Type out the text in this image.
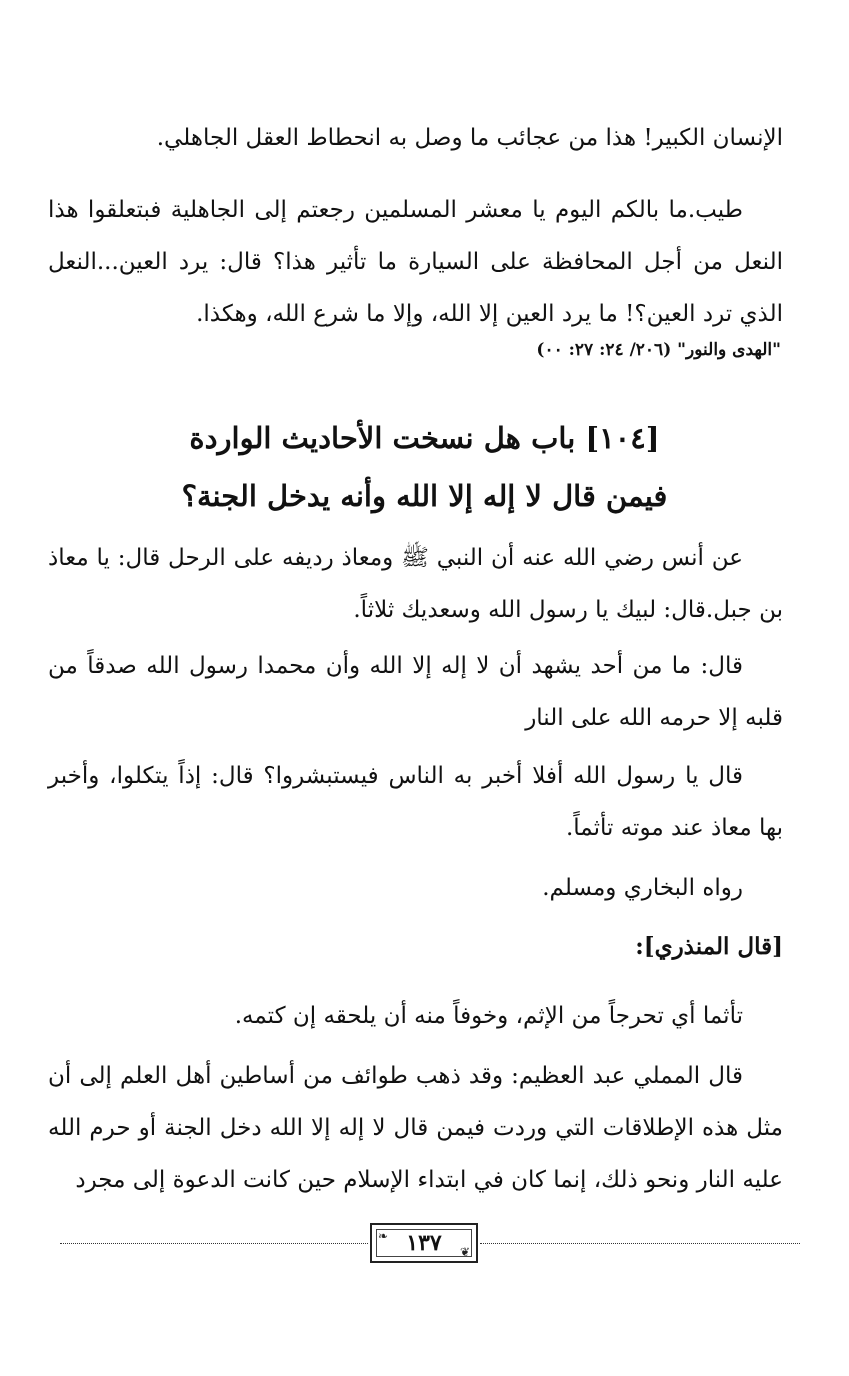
الإنسان الكبير! هذا من عجائب ما وصل به انحطاط العقل الجاهلي.

طيب.ما بالكم اليوم يا معشر المسلمين رجعتم إلى الجاهلية فبتعلقوا هذا النعل من أجل المحافظة على السيارة ما تأثير هذا؟ قال: يرد العين...النعل الذي ترد العين؟! ما يرد العين إلا الله، وإلا ما شرع الله، وهكذا.

"الهدى والنور" (٢٠٦/ ٢٤: ٢٧: ٠٠)

[١٠٤] باب هل نسخت الأحاديث الواردة
فيمن قال لا إله إلا الله وأنه يدخل الجنة؟

عن أنس رضي الله عنه أن النبي ﷺ ومعاذ رديفه على الرحل قال: يا معاذ بن جبل.قال: لبيك يا رسول الله وسعديك ثلاثاً.

قال: ما من أحد يشهد أن لا إله إلا الله وأن محمدا رسول الله صدقاً من قلبه إلا حرمه الله على النار

قال يا رسول الله أفلا أخبر به الناس فيستبشروا؟ قال: إذاً يتكلوا، وأخبر بها معاذ عند موته تأثماً.

رواه البخاري ومسلم.

[قال المنذري]:

تأثما أي تحرجاً من الإثم، وخوفاً منه أن يلحقه إن كتمه.

قال المملي عبد العظيم: وقد ذهب طوائف من أساطين أهل العلم إلى أن مثل هذه الإطلاقات التي وردت فيمن قال لا إله إلا الله دخل الجنة أو حرم الله عليه النار ونحو ذلك، إنما كان في ابتداء الإسلام حين كانت الدعوة إلى مجرد

❧
❦
١٣٧
